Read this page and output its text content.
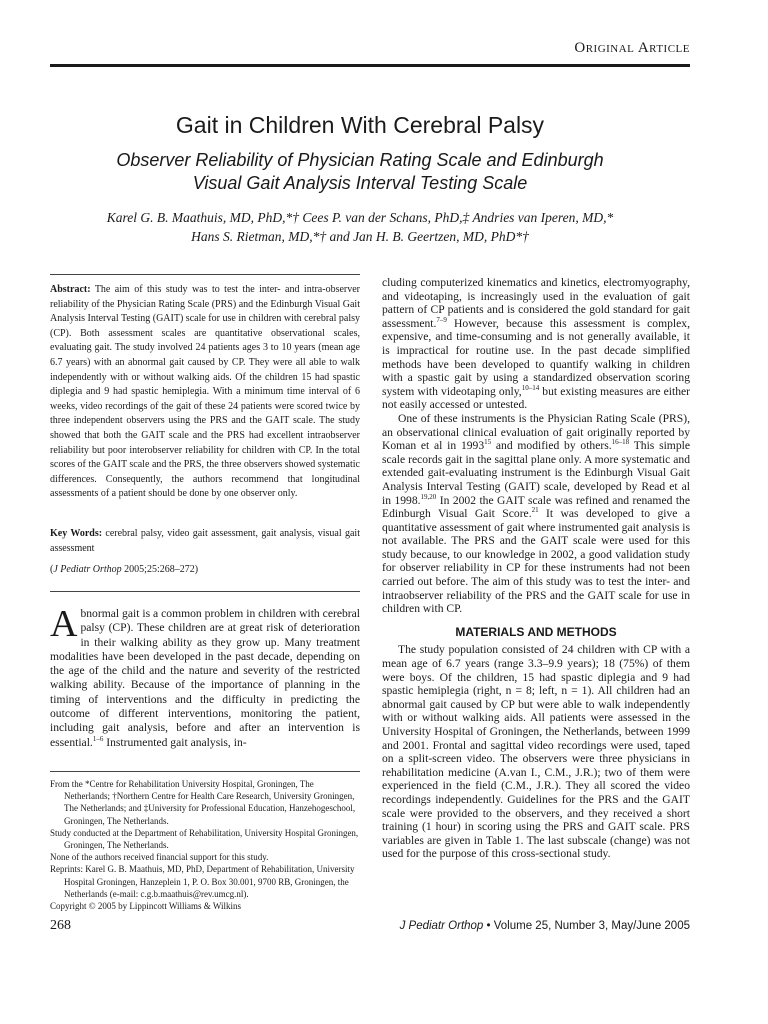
Original Article
Gait in Children With Cerebral Palsy
Observer Reliability of Physician Rating Scale and Edinburgh
Visual Gait Analysis Interval Testing Scale
Karel G. B. Maathuis, MD, PhD,*† Cees P. van der Schans, PhD,‡ Andries van Iperen, MD,*
Hans S. Rietman, MD,*† and Jan H. B. Geertzen, MD, PhD*†
Abstract: The aim of this study was to test the inter- and intra-observer reliability of the Physician Rating Scale (PRS) and the Edinburgh Visual Gait Analysis Interval Testing (GAIT) scale for use in children with cerebral palsy (CP). Both assessment scales are quantitative observational scales, evaluating gait. The study involved 24 patients ages 3 to 10 years (mean age 6.7 years) with an abnormal gait caused by CP. They were all able to walk independently with or without walking aids. Of the children 15 had spastic diplegia and 9 had spastic hemiplegia. With a minimum time interval of 6 weeks, video recordings of the gait of these 24 patients were scored twice by three independent observers using the PRS and the GAIT scale. The study showed that both the GAIT scale and the PRS had excellent intraobserver reliability but poor interobserver reliability for children with CP. In the total scores of the GAIT scale and the PRS, the three observers showed systematic differences. Consequently, the authors recommend that longitudinal assessments of a patient should be done by one observer only.
Key Words: cerebral palsy, video gait assessment, gait analysis, visual gait assessment
(J Pediatr Orthop 2005;25:268–272)
Abnormal gait is a common problem in children with cerebral palsy (CP). These children are at great risk of deterioration in their walking ability as they grow up. Many treatment modalities have been developed in the past decade, depending on the age of the child and the nature and severity of the restricted walking ability. Because of the importance of planning in the timing of interventions and the difficulty in predicting the outcome of different interventions, monitoring the patient, including gait analysis, before and after an intervention is essential.$^{1-6}$ Instrumented gait analysis, in-

From the *Centre for Rehabilitation University Hospital, Groningen, The Netherlands; †Northern Centre for Health Care Research, University Groningen, The Netherlands; and ‡University for Professional Education, Hanzehogeschool, Groningen, The Netherlands.

Study conducted at the Department of Rehabilitation, University Hospital Groningen, Groningen, The Netherlands.

None of the authors received financial support for this study.

Reprints: Karel G. B. Maathuis, MD, PhD, Department of Rehabilitation, University Hospital Groningen, Hanzeplein 1, P. O. Box 30.001, 9700 RB, Groningen, the Netherlands (e-mail: c.g.b.maathuis@rev.umcg.nl).

Copyright © 2005 by Lippincott Williams & Wilkins

cluding computerized kinematics and kinetics, electromyography, and videotaping, is increasingly used in the evaluation of gait pattern of CP patients and is considered the gold standard for gait assessment.$^{7-9}$ However, because this assessment is complex, expensive, and time-consuming and is not generally available, it is impractical for routine use. In the past decade simplified methods have been developed to quantify walking in children with a spastic gait by using a standardized observation scoring system with videotaping only,$^{10-14}$ but existing measures are either not easily accessed or untested.

One of these instruments is the Physician Rating Scale (PRS), an observational clinical evaluation of gait originally reported by Koman et al in 1993$^{15}$ and modified by others.$^{16-18}$ This simple scale records gait in the sagittal plane only. A more systematic and extended gait-evaluating instrument is the Edinburgh Visual Gait Analysis Interval Testing (GAIT) scale, developed by Read et al in 1998.$^{19,20}$ In 2002 the GAIT scale was refined and renamed the Edinburgh Visual Gait Score.$^{21}$ It was developed to give a quantitative assessment of gait where instrumented gait analysis is not available. The PRS and the GAIT scale were used for this study because, to our knowledge in 2002, a good validation study for observer reliability in CP for these instruments had not been carried out before. The aim of this study was to test the inter- and intraobserver reliability of the PRS and the GAIT scale for use in children with CP.

MATERIALS AND METHODS

The study population consisted of 24 children with CP with a mean age of 6.7 years (range 3.3–9.9 years); 18 (75%) of them were boys. Of the children, 15 had spastic diplegia and 9 had spastic hemiplegia (right, n = 8; left, n = 1). All children had an abnormal gait caused by CP but were able to walk independently with or without walking aids. All patients were assessed in the University Hospital of Groningen, the Netherlands, between 1999 and 2001. Frontal and sagittal video recordings were used, taped on a split-screen video. The observers were three physicians in rehabilitation medicine (A.van I., C.M., J.R.); two of them were experienced in the field (C.M., J.R.). They all scored the video recordings independently. Guidelines for the PRS and the GAIT scale were provided to the observers, and they received a short training (1 hour) in scoring using the PRS and GAIT scale. PRS variables are given in Table 1. The last subscale (change) was not used for the purpose of this cross-sectional study.

268	J Pediatr Orthop • Volume 25, Number 3, May/June 2005
